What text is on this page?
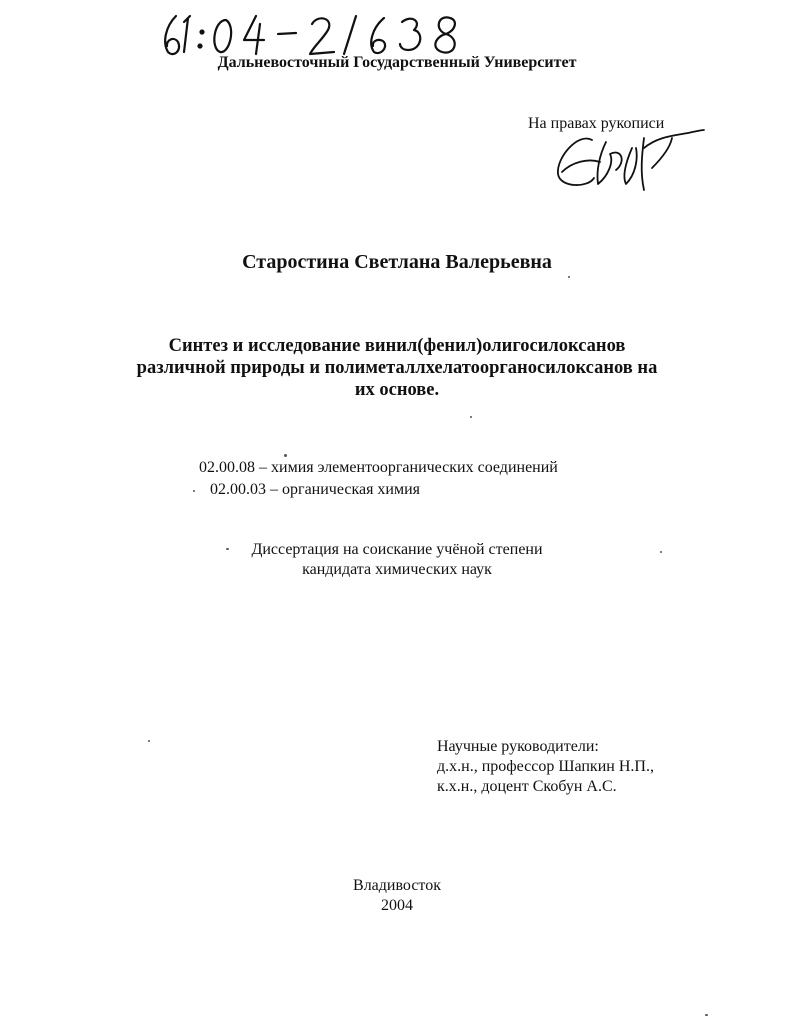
Дальневосточный Государственный Университет
На правах рукописи
Старостина Светлана Валерьевна
Синтез и исследование винил(фенил)олигосилоксанов
различной природы и полиметаллхелатоорганосилоксанов на
их основе.
02.00.08 – химия элементоорганических соединений
02.00.03 – органическая химия
Диссертация на соискание учёной степени
кандидата химических наук
Научные руководители:
д.х.н., профессор Шапкин Н.П.,
к.х.н., доцент Скобун А.С.
Владивосток
2004
